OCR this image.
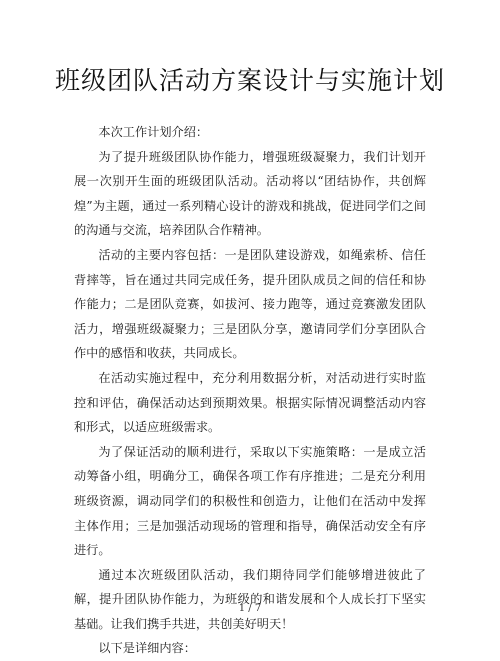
班级团队活动方案设计与实施计划

本次工作计划介绍：

为了提升班级团队协作能力，增强班级凝聚力，我们计划开展一次别开生面的班级团队活动。活动将以“团结协作，共创辉煌”为主题，通过一系列精心设计的游戏和挑战，促进同学们之间的沟通与交流，培养团队合作精神。

活动的主要内容包括：一是团队建设游戏，如绳索桥、信任背摔等，旨在通过共同完成任务，提升团队成员之间的信任和协作能力；二是团队竞赛，如拔河、接力跑等，通过竞赛激发团队活力，增强班级凝聚力；三是团队分享，邀请同学们分享团队合作中的感悟和收获，共同成长。

在活动实施过程中，充分利用数据分析，对活动进行实时监控和评估，确保活动达到预期效果。根据实际情况调整活动内容和形式，以适应班级需求。

为了保证活动的顺利进行，采取以下实施策略：一是成立活动筹备小组，明确分工，确保各项工作有序推进；二是充分利用班级资源，调动同学们的积极性和创造力，让他们在活动中发挥主体作用；三是加强活动现场的管理和指导，确保活动安全有序进行。

通过本次班级团队活动，我们期待同学们能够增进彼此了解，提升团队协作能力，为班级的和谐发展和个人成长打下坚实基础。让我们携手共进，共创美好明天！

以下是详细内容：

1 / 7
